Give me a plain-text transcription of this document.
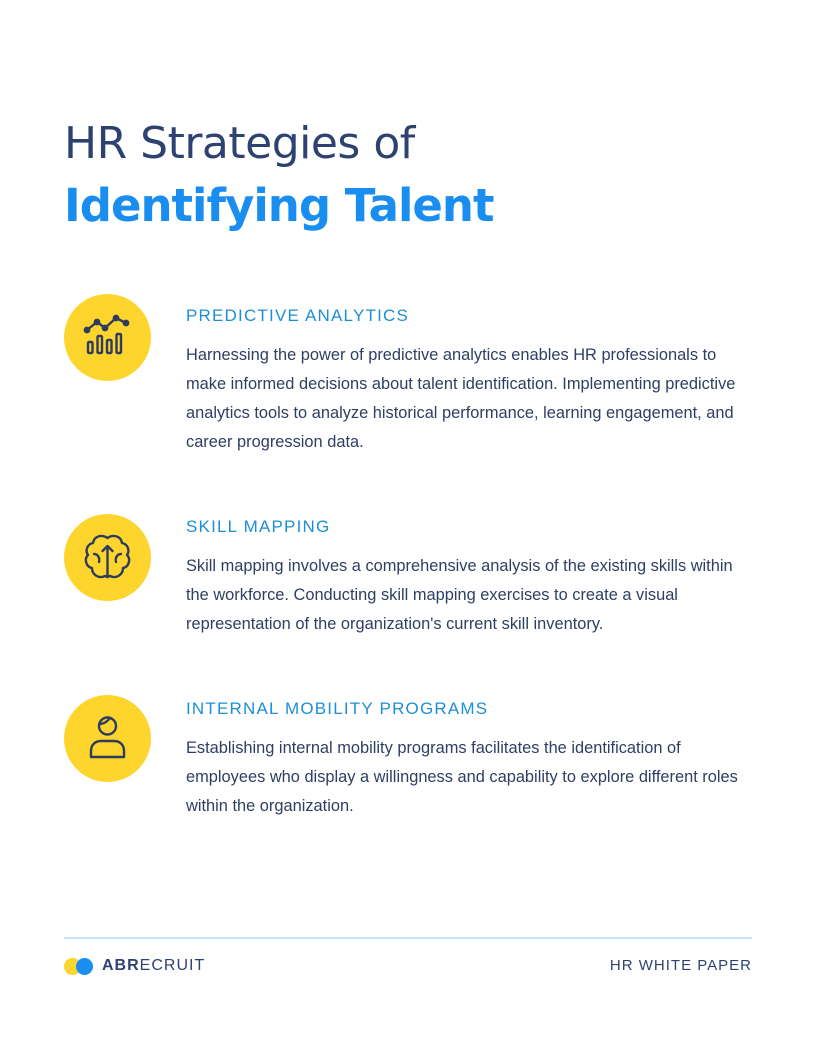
HR Strategies of
Identifying Talent
PREDICTIVE ANALYTICS
Harnessing the power of predictive analytics enables HR professionals to make informed decisions about talent identification. Implementing predictive analytics tools to analyze historical performance, learning engagement, and career progression data.
SKILL MAPPING
Skill mapping involves a comprehensive analysis of the existing skills within the workforce. Conducting skill mapping exercises to create a visual representation of the organization's current skill inventory.
INTERNAL MOBILITY PROGRAMS
Establishing internal mobility programs facilitates the identification of employees who display a willingness and capability to explore different roles within the organization.
ABRECRUIT	HR WHITE PAPER
